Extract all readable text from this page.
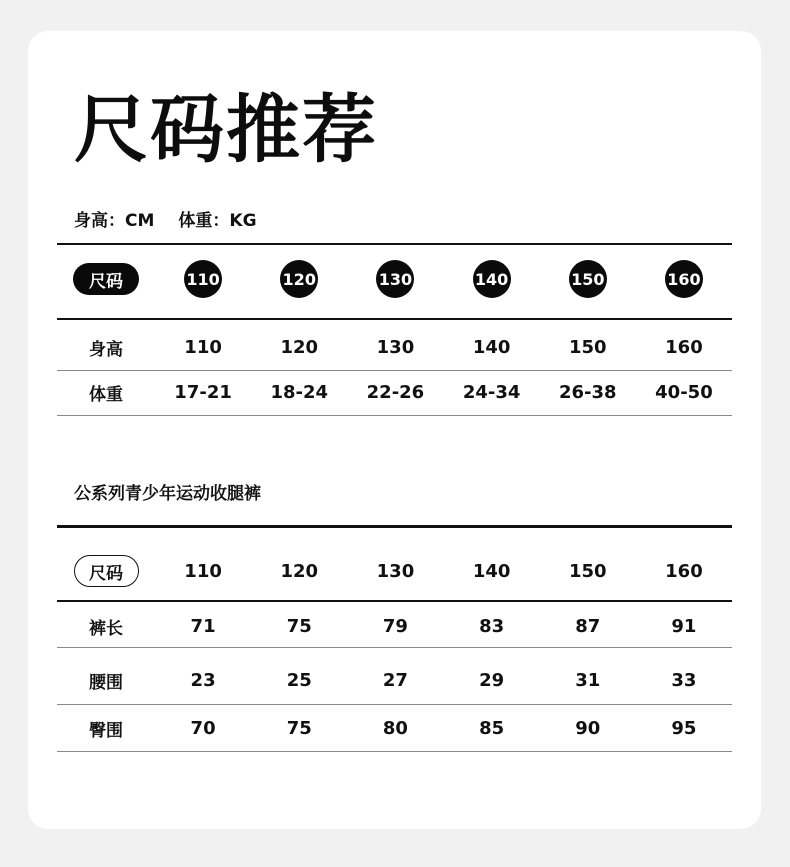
尺码推荐
身高：CM 体重：KG
尺码	110	120	130	140	150	160
身高	110	120	130	140	150	160
体重	17-21	18-24	22-26	24-34	26-38	40-50
公系列青少年运动收腿裤
尺码	110	120	130	140	150	160
裤长	71	75	79	83	87	91
腰围	23	25	27	29	31	33
臀围	70	75	80	85	90	95
